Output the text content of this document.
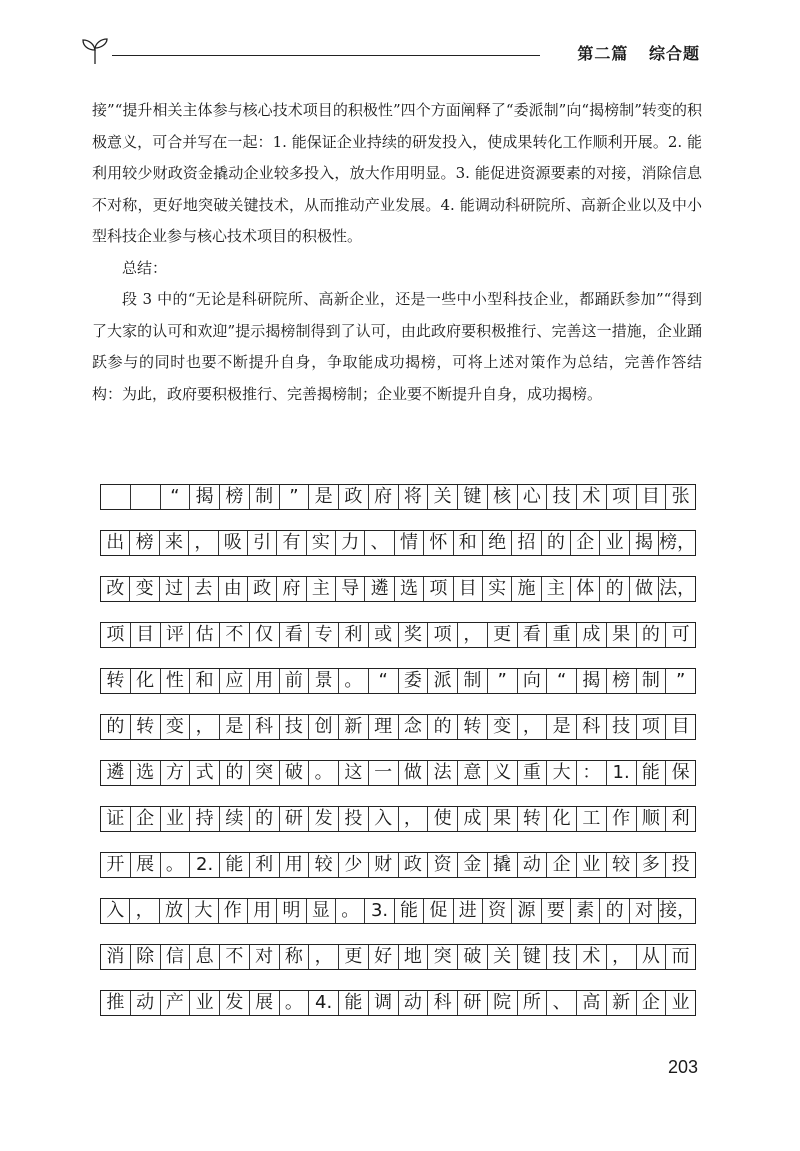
第二篇 综合题

接”“提升相关主体参与核心技术项目的积极性”四个方面阐释了“委派制”向“揭榜制”转变的积极意义，可合并写在一起：1. 能保证企业持续的研发投入，使成果转化工作顺利开展。2. 能利用较少财政资金撬动企业较多投入，放大作用明显。3. 能促进资源要素的对接，消除信息不对称，更好地突破关键技术，从而推动产业发展。4. 能调动科研院所、高新企业以及中小型科技企业参与核心技术项目的积极性。

总结：

段 3 中的“无论是科研院所、高新企业，还是一些中小型科技企业，都踊跃参加”“得到了大家的认可和欢迎”提示揭榜制得到了认可，由此政府要积极推行、完善这一措施，企业踊跃参与的同时也要不断提升自身，争取能成功揭榜，可将上述对策作为总结，完善作答结构：为此，政府要积极推行、完善揭榜制；企业要不断提升自身，成功揭榜。

“ 揭 榜 制 ” 是 政 府 将 关 键 核 心 技 术 项 目 张
出 榜 来 ， 吸 引 有 实 力 、 情 怀 和 绝 招 的 企 业 揭 榜，
改 变 过 去 由 政 府 主 导 遴 选 项 目 实 施 主 体 的 做 法，
项 目 评 估 不 仅 看 专 利 或 奖 项 ， 更 看 重 成 果 的 可
转 化 性 和 应 用 前 景 。 “ 委 派 制 ” 向 “ 揭 榜 制 ”
的 转 变 ， 是 科 技 创 新 理 念 的 转 变 ， 是 科 技 项 目
遴 选 方 式 的 突 破 。 这 一 做 法 意 义 重 大 ： 1. 能 保
证 企 业 持 续 的 研 发 投 入 ， 使 成 果 转 化 工 作 顺 利
开 展 。 2. 能 利 用 较 少 财 政 资 金 撬 动 企 业 较 多 投
入 ， 放 大 作 用 明 显 。 3. 能 促 进 资 源 要 素 的 对 接，
消 除 信 息 不 对 称 ， 更 好 地 突 破 关 键 技 术 ， 从 而
推 动 产 业 发 展 。 4. 能 调 动 科 研 院 所 、 高 新 企 业
203
